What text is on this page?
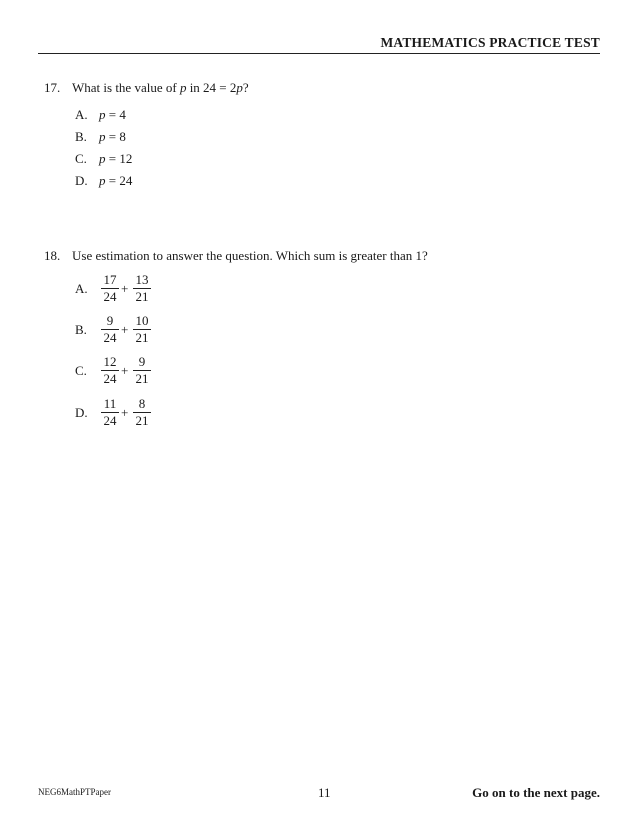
MATHEMATICS PRACTICE TEST
17. What is the value of p in 24 = 2p?
A. p = 4
B. p = 8
C. p = 12
D. p = 24
18. Use estimation to answer the question. Which sum is greater than 1?
A.
17
24
+
13
21
B.
9
24
+
10
21
C.
12
24
+
9
21
D.
11
24
+
8
21
NEG6MathPTPaper	11	Go on to the next page.
